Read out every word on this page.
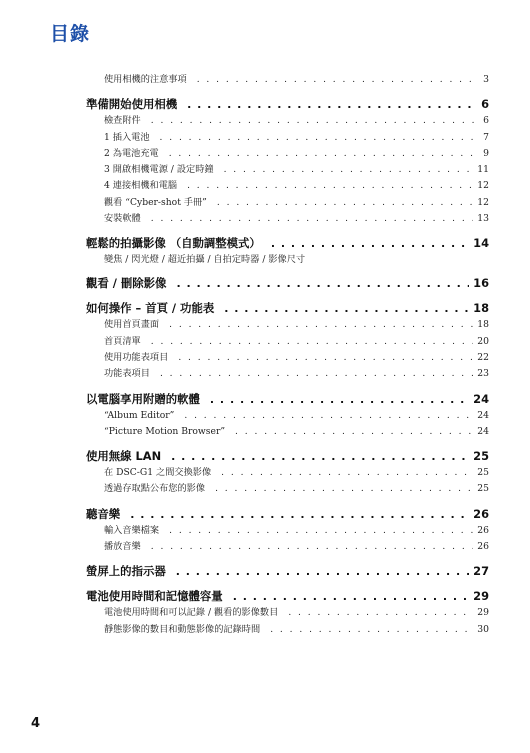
目錄
使用相機的注意事項 . . .	3
準備開始使用相機 . . .	6
檢查附件 . . .	6
1 插入電池 . . .	7
2 為電池充電 . . .	9
3 開啟相機電源 / 設定時鐘 . . .	11
4 連接相機和電腦 . . .	12
觀看 “Cyber-shot 手冊” . . .	12
安裝軟體 . . .	13
輕鬆的拍攝影像 （自動調整模式） . . .	14
變焦 / 閃光燈 / 超近拍攝 / 自拍定時器 / 影像尺寸
觀看 / 刪除影像 . . .	16
如何操作 – 首頁 / 功能表 . . .	18
使用首頁畫面 . . .	18
首頁清單 . . .	20
使用功能表項目 . . .	22
功能表項目 . . .	23
以電腦享用附贈的軟體 . . .	24
“Album Editor” . . .	24
“Picture Motion Browser” . . .	24
使用無線 LAN . . .	25
在 DSC-G1 之間交換影像 . . .	25
透過存取點公布您的影像 . . .	25
聽音樂 . . .	26
輸入音樂檔案 . . .	26
播放音樂 . . .	26
螢屏上的指示器 . . .	27
電池使用時間和記憶體容量 . . .	29
電池使用時間和可以記錄 / 觀看的影像數目 . . .	29
靜態影像的數目和動態影像的記錄時間 . . .	30
4
